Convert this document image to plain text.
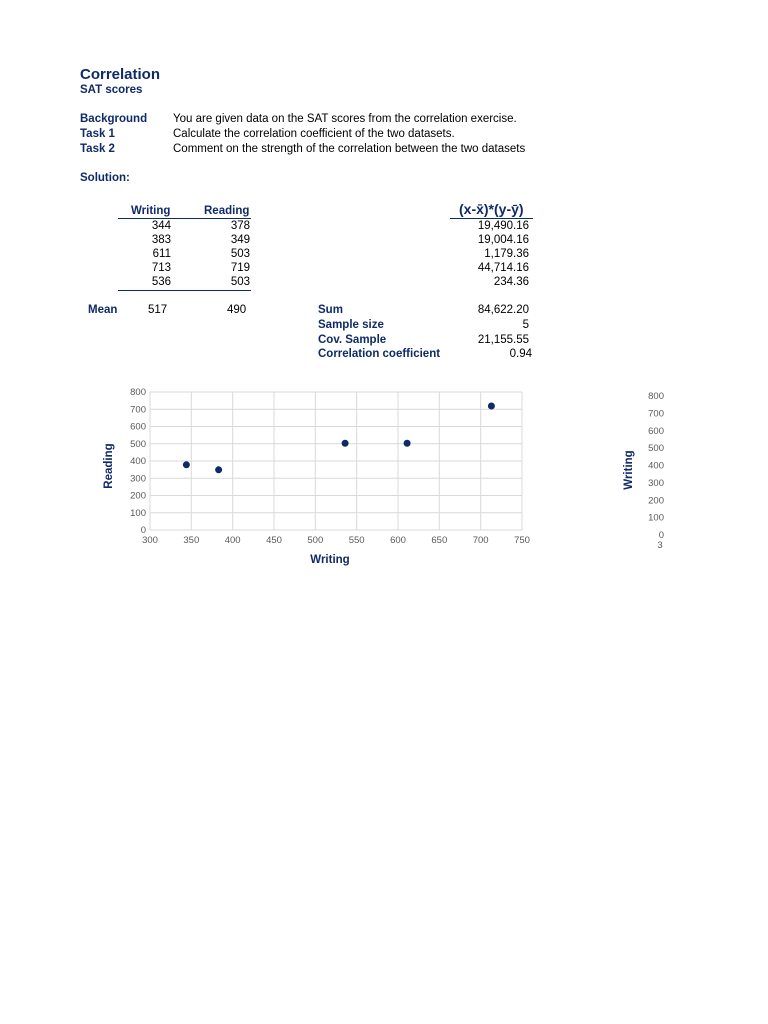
Correlation
SAT scores
Background You are given data on the SAT scores from the correlation exercise.
Task 1	Calculate the correlation coefficient of the two datasets.
Task 2	Comment on the strength of the correlation between the two datasets
Solution:
Writing	Reading	(x-x̄)*(y-ȳ)
344	378	19,490.16
383	349	19,004.16
611	503	1,179.36
713	719	44,714.16
536	503	234.36
Mean	517	490	Sum	84,622.20
Sample size	5
Cov. Sample	21,155.55
Correlation coefficient	0.94
0
100
200
300
400
500
600
700
800
300	350	400	450	500	550	600	650	700	750
Writing
Reading
0
100
200
300
400
500
600
700
800
3
Writing
